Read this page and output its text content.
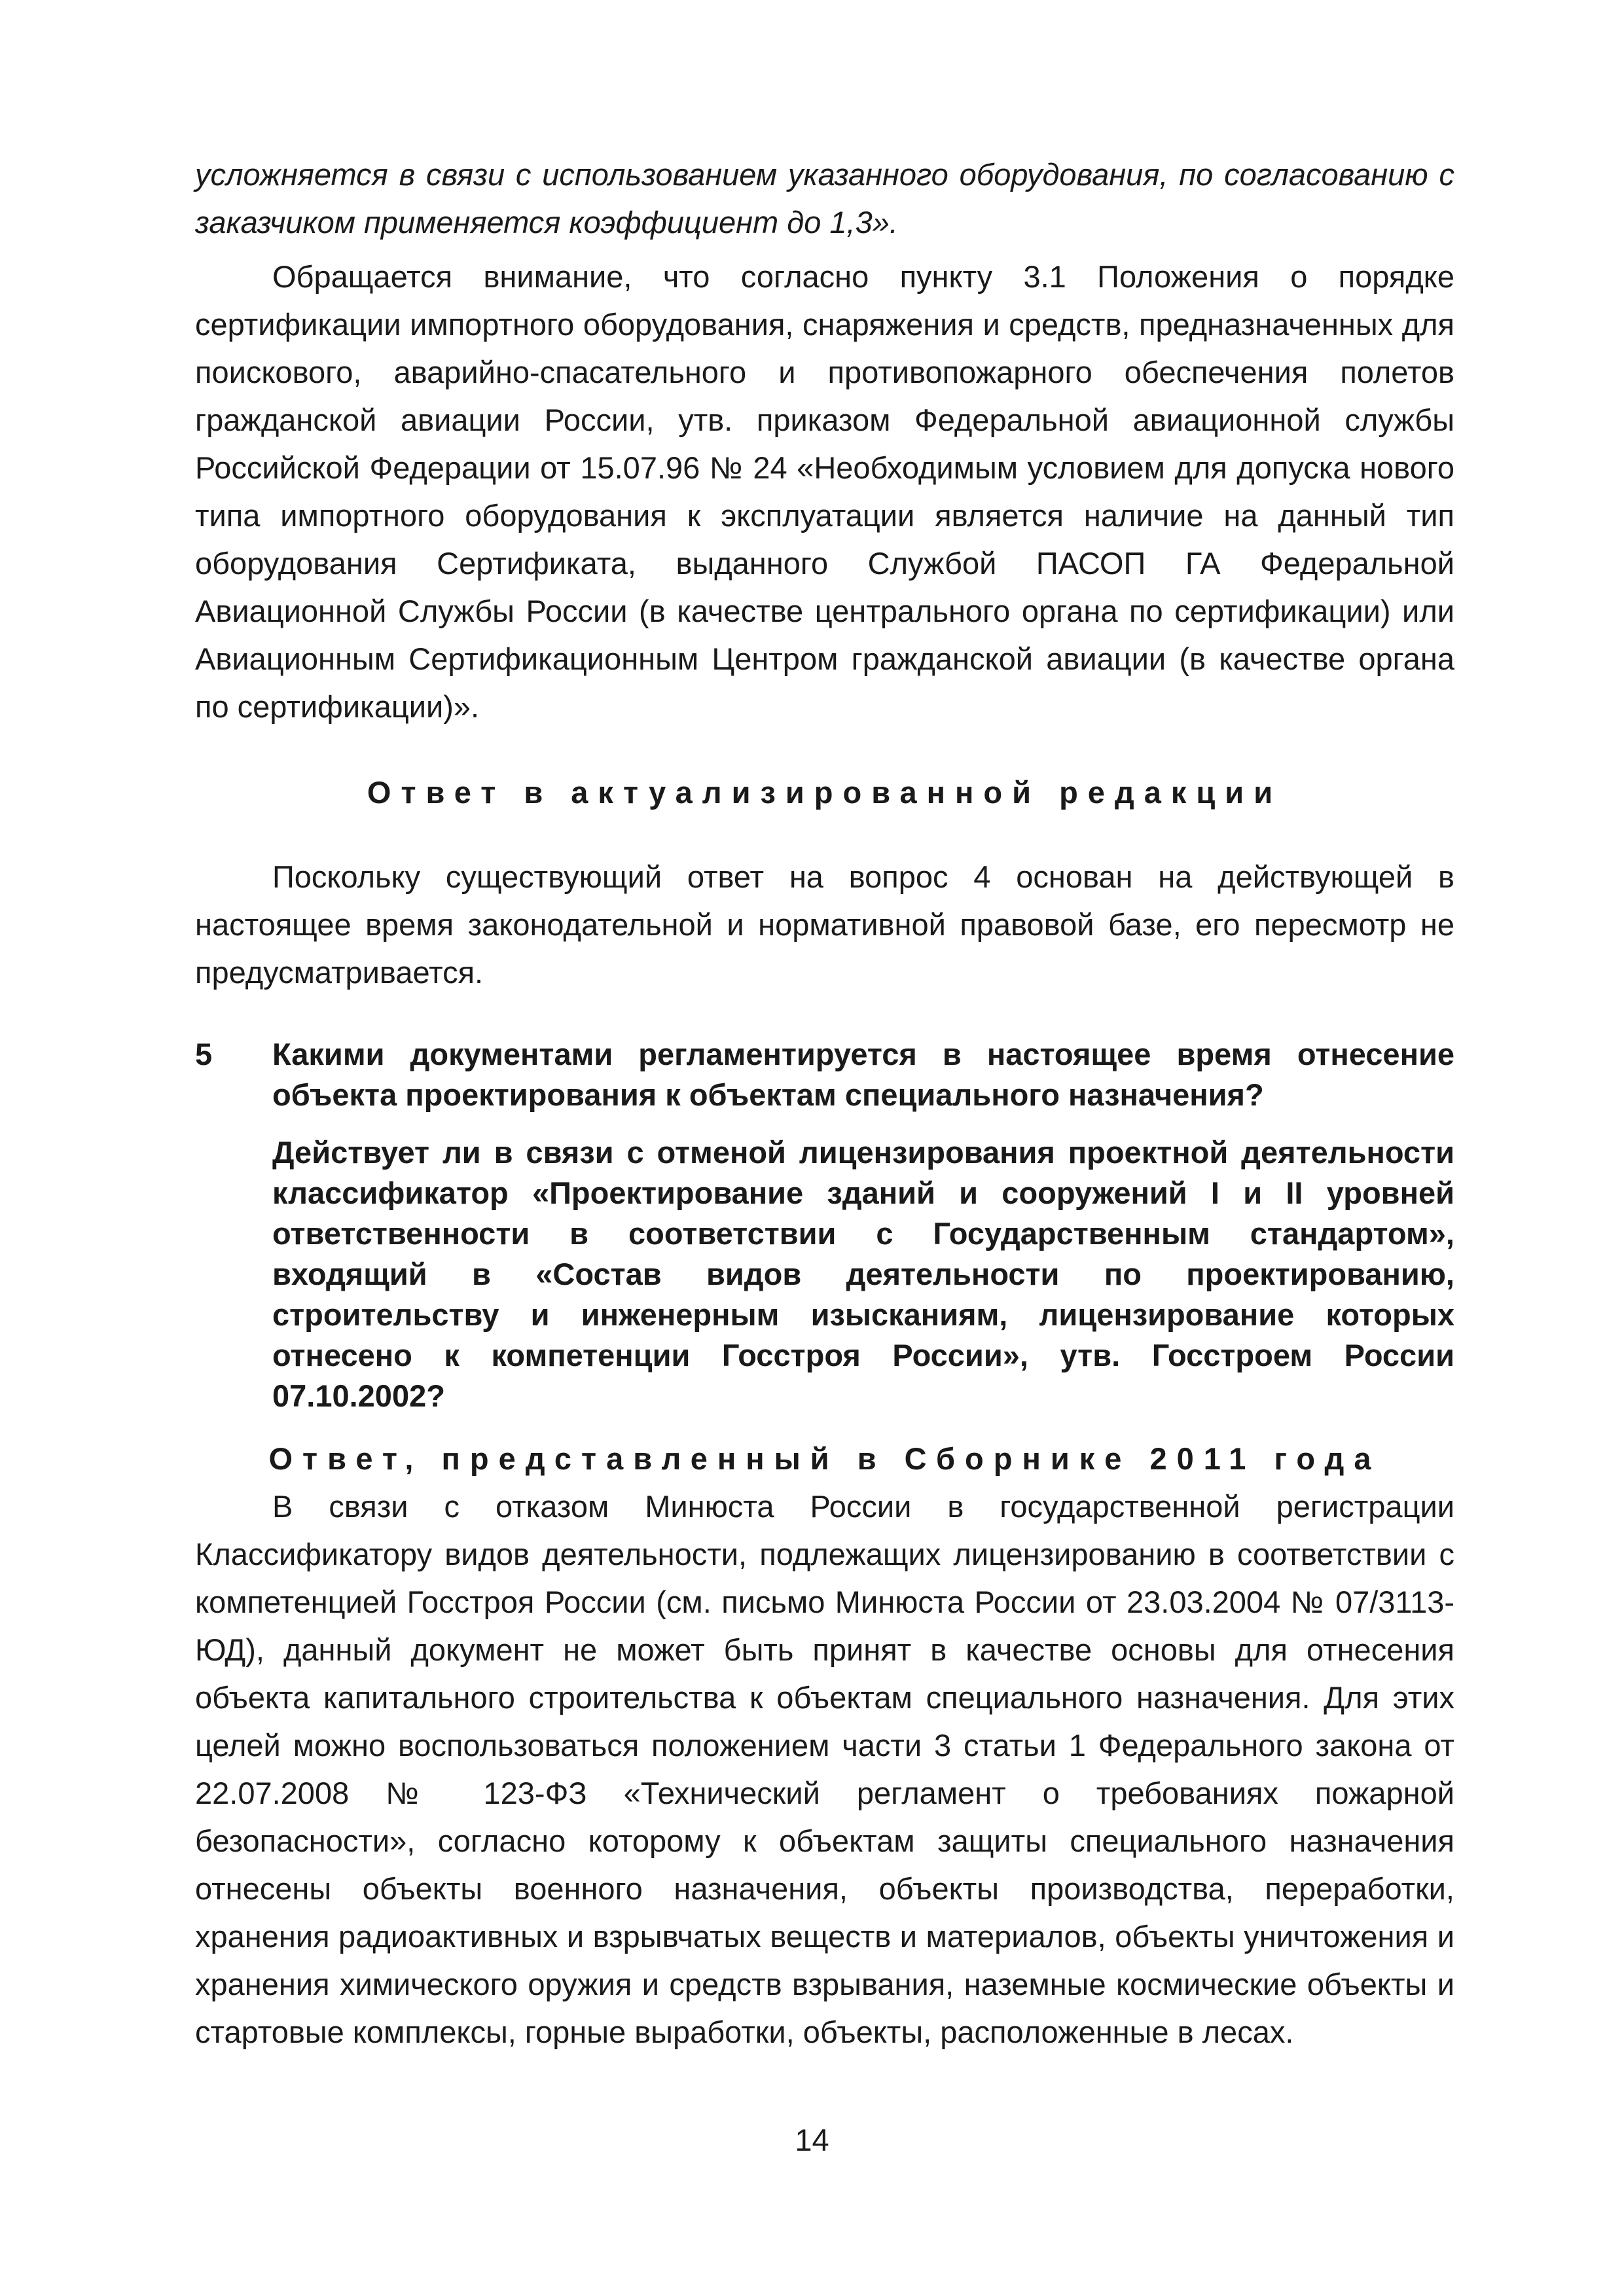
усложняется в связи с использованием указанного оборудования, по согласованию с заказчиком применяется коэффициент до 1,3».

Обращается внимание, что согласно пункту 3.1 Положения о порядке сертификации импортного оборудования, снаряжения и средств, предназначенных для поискового, аварийно-спасательного и противопожарного обеспечения полетов гражданской авиации России, утв. приказом Федеральной авиационной службы Российской Федерации от 15.07.96 № 24 «Необходимым условием для допуска нового типа импортного оборудования к эксплуатации является наличие на данный тип оборудования Сертификата, выданного Службой ПАСОП ГА Федеральной Авиационной Службы России (в качестве центрального органа по сертификации) или Авиационным Сертификационным Центром гражданской авиации (в качестве органа по сертификации)».

Ответ в актуализированной редакции

Поскольку существующий ответ на вопрос 4 основан на действующей в настоящее время законодательной и нормативной правовой базе, его пересмотр не предусматривается.

5	Какими документами регламентируется в настоящее время отнесение объекта проектирования к объектам специального назначения?

Действует ли в связи с отменой лицензирования проектной деятельности классификатор «Проектирование зданий и сооружений I и II уровней ответственности в соответствии с Государственным стандартом», входящий в «Состав видов деятельности по проектированию, строительству и инженерным изысканиям, лицензирование которых отнесено к компетенции Госстроя России», утв. Госстроем России 07.10.2002?

Ответ, представленный в Сборнике 2011 года

В связи с отказом Минюста России в государственной регистрации Классификатору видов деятельности, подлежащих лицензированию в соответствии с компетенцией Госстроя России (см. письмо Минюста России от 23.03.2004 № 07/3113-ЮД), данный документ не может быть принят в качестве основы для отнесения объекта капитального строительства к объектам специального назначения. Для этих целей можно воспользоваться положением части 3 статьи 1 Федерального закона от 22.07.2008 № 123-ФЗ «Технический регламент о требованиях пожарной безопасности», согласно которому к объектам защиты специального назначения отнесены объекты военного назначения, объекты производства, переработки, хранения радиоактивных и взрывчатых веществ и материалов, объекты уничтожения и хранения химического оружия и средств взрывания, наземные космические объекты и стартовые комплексы, горные выработки, объекты, расположенные в лесах.

14
